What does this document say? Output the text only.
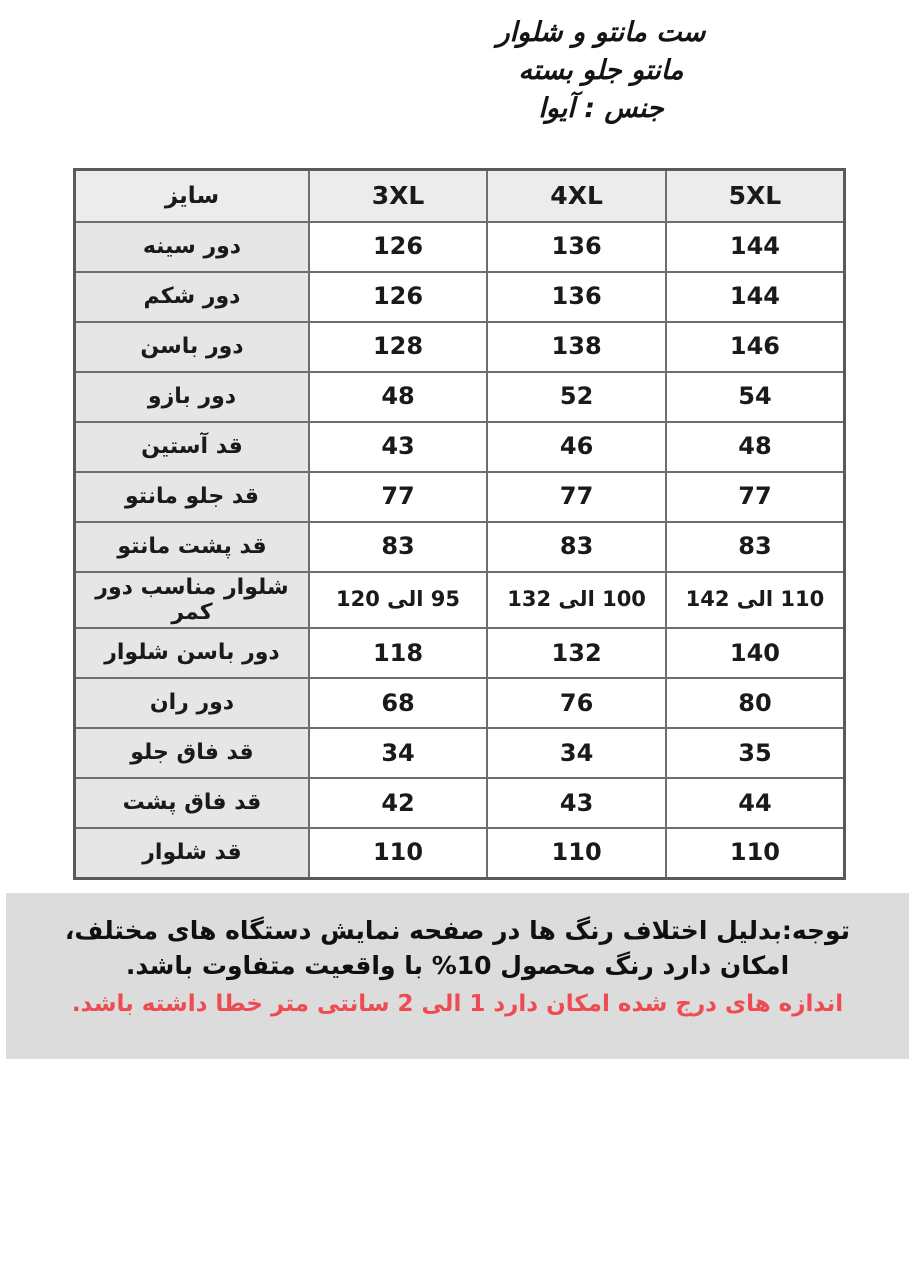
ست مانتو و شلوار
مانتو جلو بسته
جنس : آیوا
5XL	4XL	3XL	سایز
144	136	126	دور سینه
144	136	126	دور شکم
146	138	128	دور باسن
54	52	48	دور بازو
48	46	43	قد آستین
77	77	77	قد جلو مانتو
83	83	83	قد پشت مانتو
110 الی 142	100 الی 132	95 الی 120	شلوار مناسب دور کمر
140	132	118	دور باسن شلوار
80	76	68	دور ران
35	34	34	قد فاق جلو
44	43	42	قد فاق پشت
110	110	110	قد شلوار

توجه:بدلیل اختلاف رنگ ها در صفحه نمایش دستگاه های مختلف،

امکان دارد رنگ محصول 10% با واقعیت متفاوت باشد.

اندازه های درج شده امکان دارد 1 الی 2 سانتی متر خطا داشته باشد.
